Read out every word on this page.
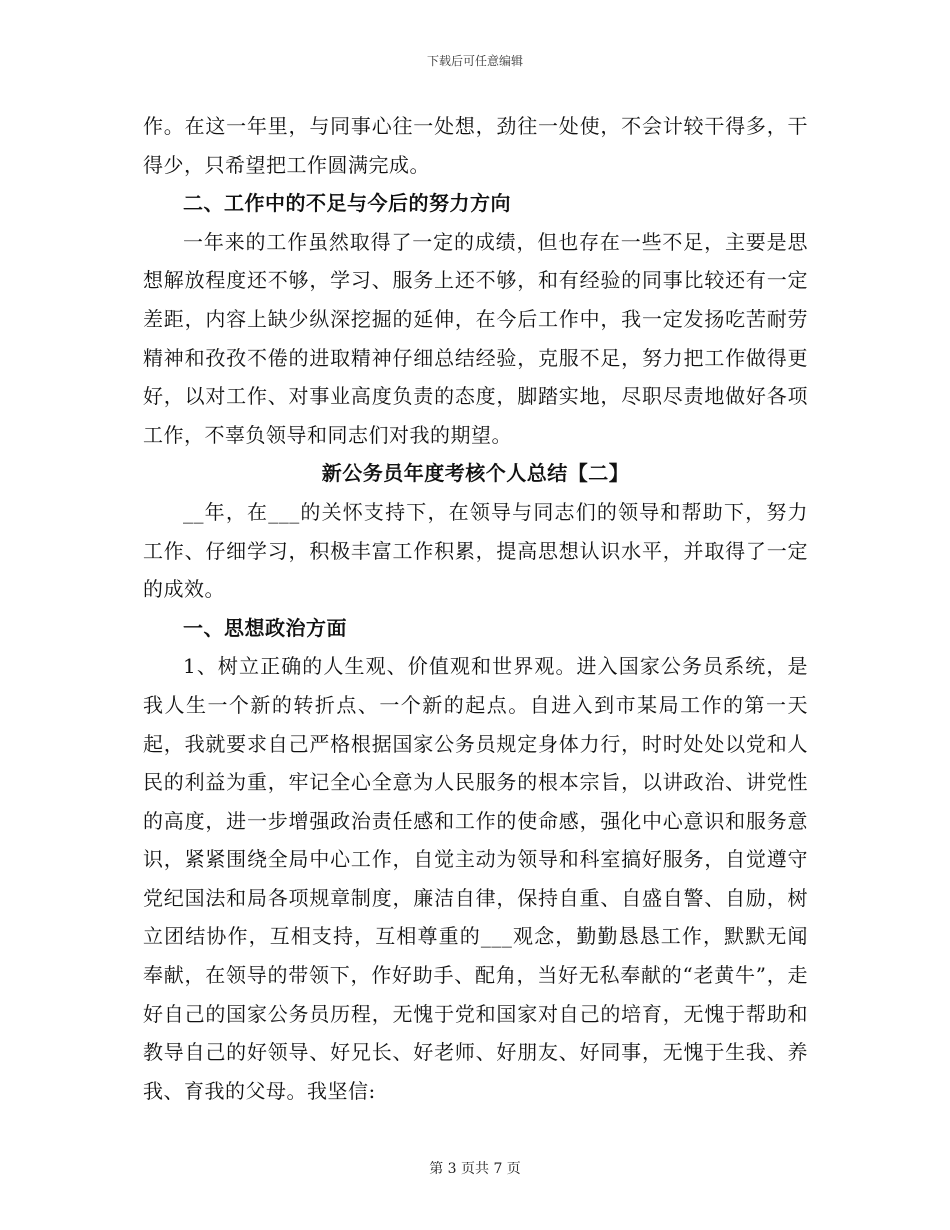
下载后可任意编辑

作。在这一年里，与同事心往一处想，劲往一处使，不会计较干得多，干得少，只希望把工作圆满完成。

二、工作中的不足与今后的努力方向

一年来的工作虽然取得了一定的成绩，但也存在一些不足，主要是思想解放程度还不够，学习、服务上还不够，和有经验的同事比较还有一定差距，内容上缺少纵深挖掘的延伸，在今后工作中，我一定发扬吃苦耐劳精神和孜孜不倦的进取精神仔细总结经验，克服不足，努力把工作做得更好，以对工作、对事业高度负责的态度，脚踏实地，尽职尽责地做好各项工作，不辜负领导和同志们对我的期望。

新公务员年度考核个人总结【二】

__年，在___的关怀支持下，在领导与同志们的领导和帮助下，努力工作、仔细学习，积极丰富工作积累，提高思想认识水平，并取得了一定的成效。

一、思想政治方面

1、树立正确的人生观、价值观和世界观。进入国家公务员系统，是我人生一个新的转折点、一个新的起点。自进入到市某局工作的第一天起，我就要求自己严格根据国家公务员规定身体力行，时时处处以党和人民的利益为重，牢记全心全意为人民服务的根本宗旨，以讲政治、讲党性的高度，进一步增强政治责任感和工作的使命感，强化中心意识和服务意识，紧紧围绕全局中心工作，自觉主动为领导和科室搞好服务，自觉遵守党纪国法和局各项规章制度，廉洁自律，保持自重、自盛自警、自励，树立团结协作，互相支持，互相尊重的___观念，勤勤恳恳工作，默默无闻奉献，在领导的带领下，作好助手、配角，当好无私奉献的“老黄牛”，走好自己的国家公务员历程，无愧于党和国家对自己的培育，无愧于帮助和教导自己的好领导、好兄长、好老师、好朋友、好同事，无愧于生我、养我、育我的父母。我坚信:

第 3 页共 7 页
